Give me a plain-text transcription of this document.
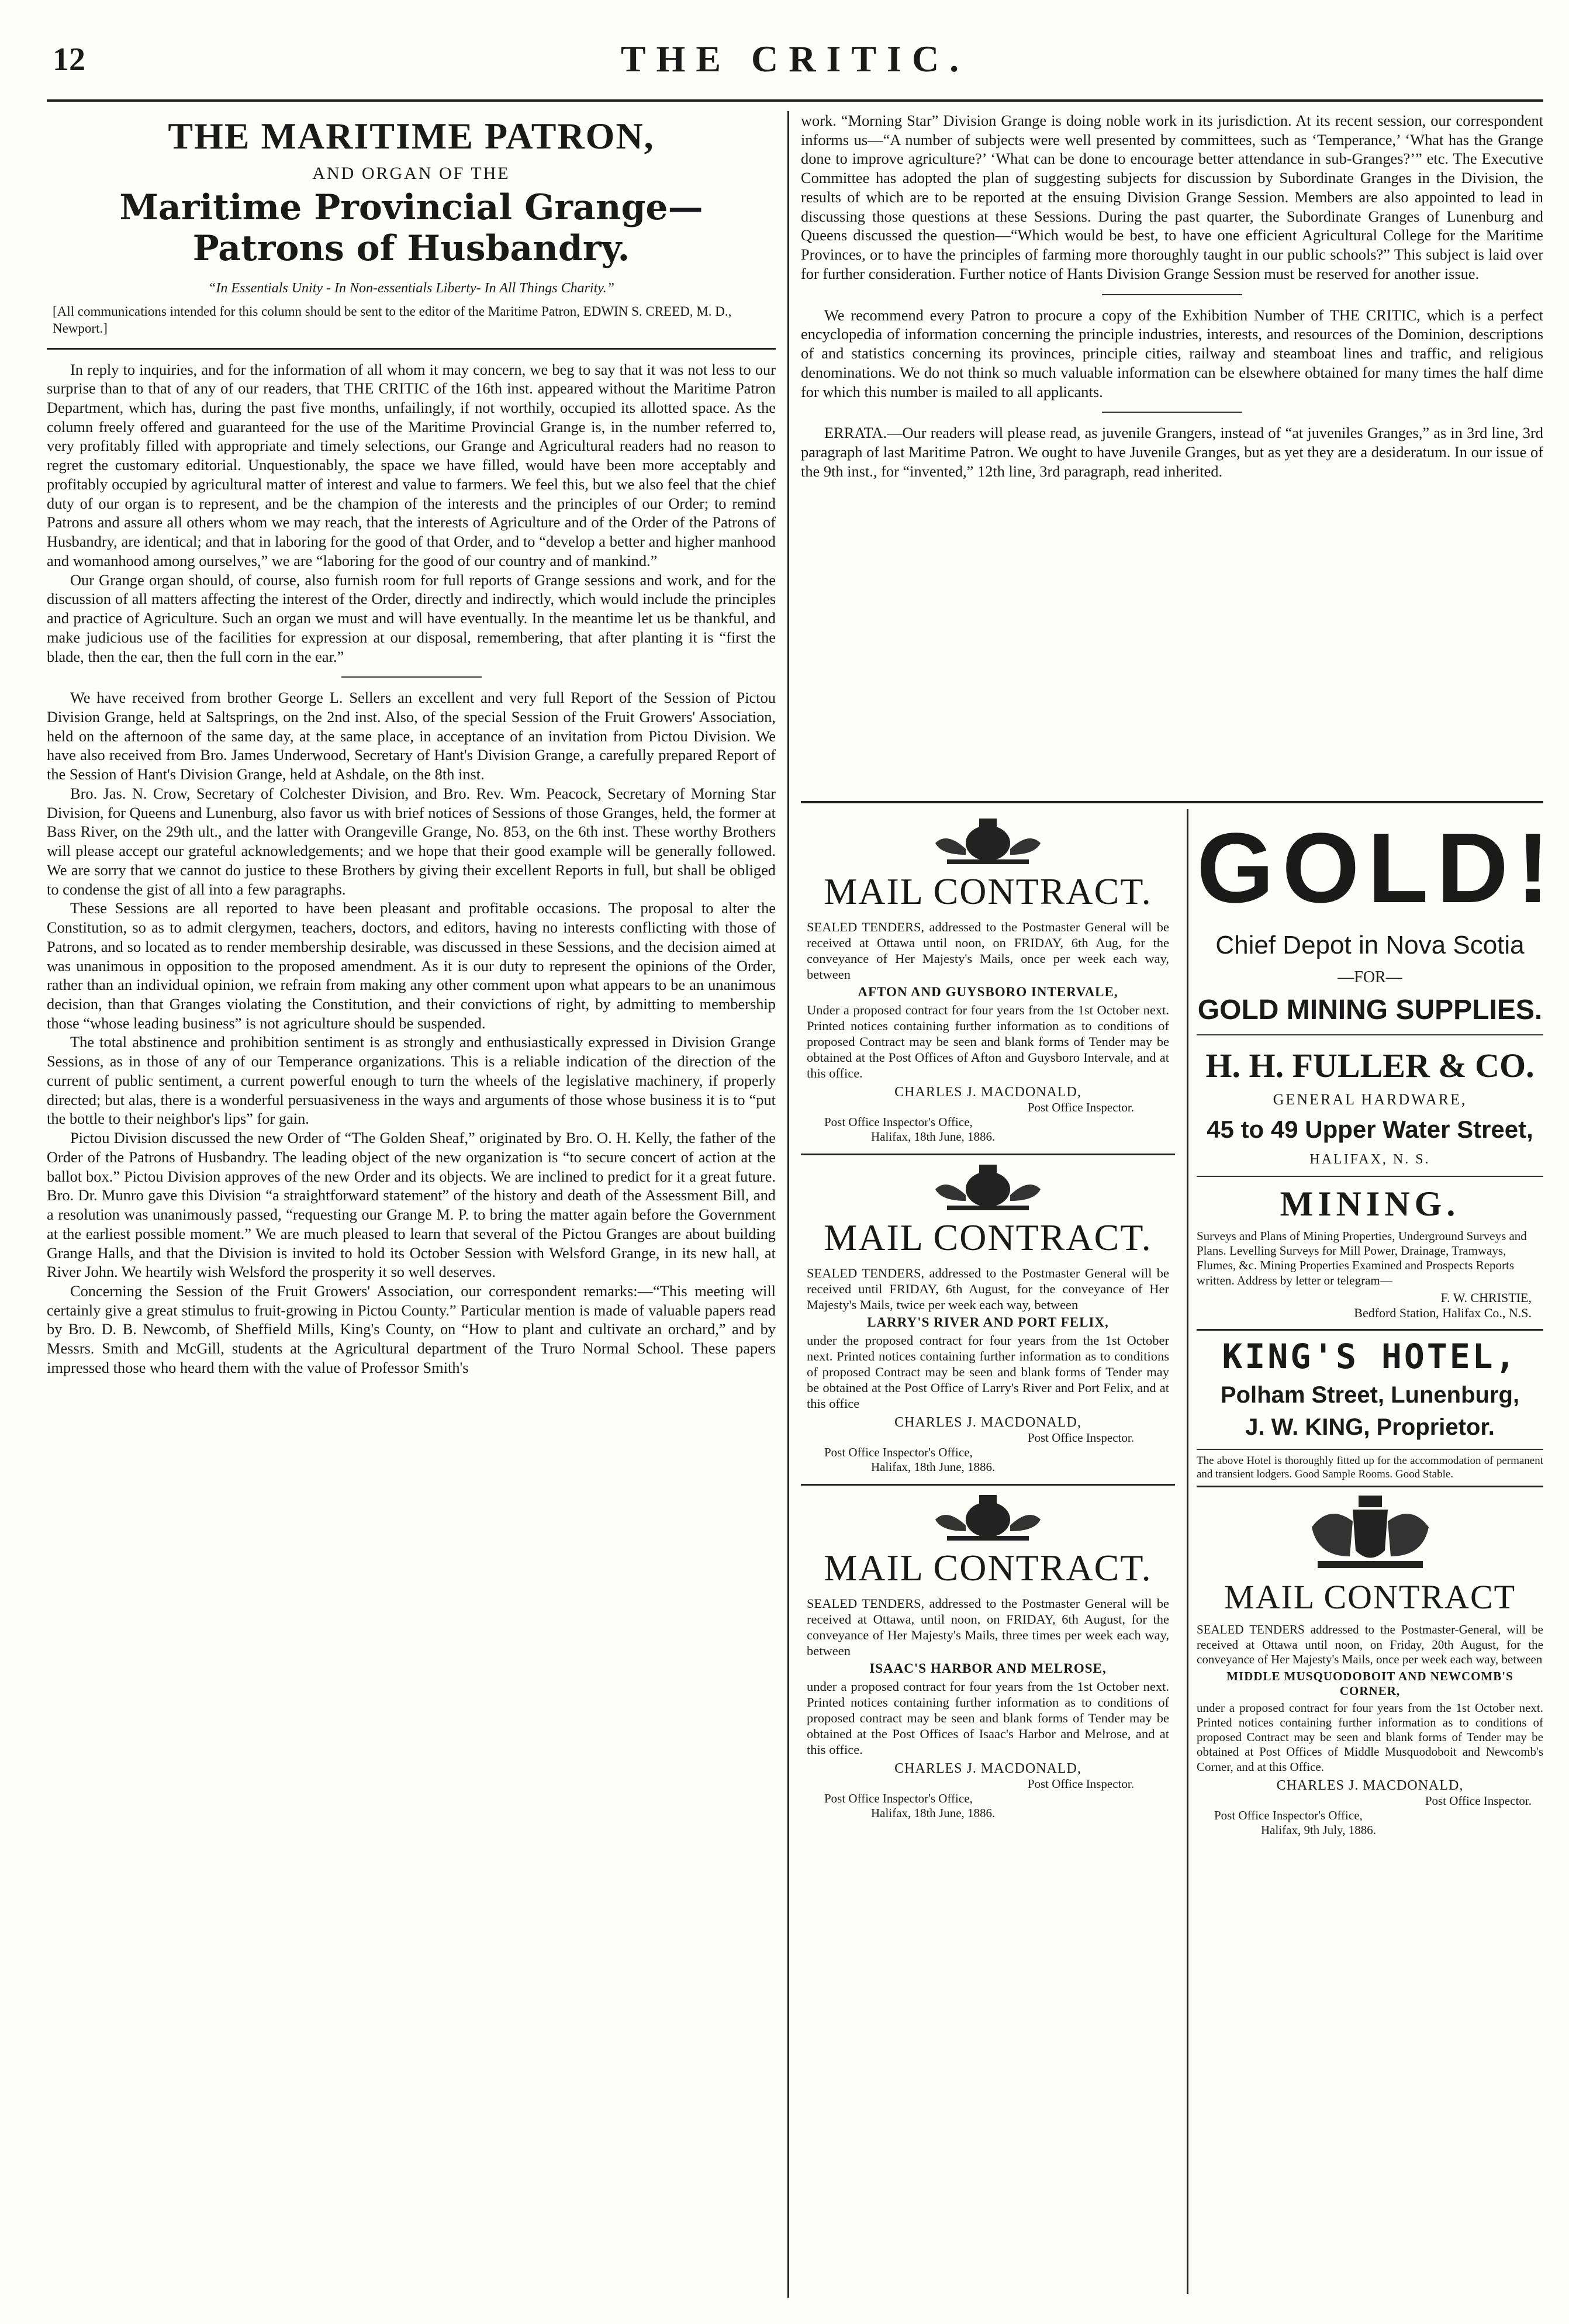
12	THE CRITIC.
THE MARITIME PATRON,
AND ORGAN OF THE
Maritime Provincial Grange—Patrons of Husbandry.
“In Essentials Unity - In Non-essentials Liberty- In All Things Charity.”
[All communications intended for this column should be sent to the editor of the Maritime Patron, EDWIN S. CREED, M. D., Newport.]

In reply to inquiries, and for the information of all whom it may concern, we beg to say that it was not less to our surprise than to that of any of our readers, that THE CRITIC of the 16th inst. appeared without the Maritime Patron Department, which has, during the past five months, unfailingly, if not worthily, occupied its allotted space. As the column freely offered and guaranteed for the use of the Maritime Provincial Grange is, in the number referred to, very profitably filled with appropriate and timely selections, our Grange and Agricultural readers had no reason to regret the customary editorial. Unquestionably, the space we have filled, would have been more acceptably and profitably occupied by agricultural matter of interest and value to farmers. We feel this, but we also feel that the chief duty of our organ is to represent, and be the champion of the interests and the principles of our Order; to remind Patrons and assure all others whom we may reach, that the interests of Agriculture and of the Order of the Patrons of Husbandry, are identical; and that in laboring for the good of that Order, and to “develop a better and higher manhood and womanhood among ourselves,” we are “laboring for the good of our country and of mankind.”

Our Grange organ should, of course, also furnish room for full reports of Grange sessions and work, and for the discussion of all matters affecting the interest of the Order, directly and indirectly, which would include the principles and practice of Agriculture. Such an organ we must and will have eventually. In the meantime let us be thankful, and make judicious use of the facilities for expression at our disposal, remembering, that after planting it is “first the blade, then the ear, then the full corn in the ear.”

We have received from brother George L. Sellers an excellent and very full Report of the Session of Pictou Division Grange, held at Saltsprings, on the 2nd inst. Also, of the special Session of the Fruit Growers' Association, held on the afternoon of the same day, at the same place, in acceptance of an invitation from Pictou Division. We have also received from Bro. James Underwood, Secretary of Hant's Division Grange, a carefully prepared Report of the Session of Hant's Division Grange, held at Ashdale, on the 8th inst.

Bro. Jas. N. Crow, Secretary of Colchester Division, and Bro. Rev. Wm. Peacock, Secretary of Morning Star Division, for Queens and Lunenburg, also favor us with brief notices of Sessions of those Granges, held, the former at Bass River, on the 29th ult., and the latter with Orangeville Grange, No. 853, on the 6th inst. These worthy Brothers will please accept our grateful acknowledgements; and we hope that their good example will be generally followed. We are sorry that we cannot do justice to these Brothers by giving their excellent Reports in full, but shall be obliged to condense the gist of all into a few paragraphs.

These Sessions are all reported to have been pleasant and profitable occasions. The proposal to alter the Constitution, so as to admit clergymen, teachers, doctors, and editors, having no interests conflicting with those of Patrons, and so located as to render membership desirable, was discussed in these Sessions, and the decision aimed at was unanimous in opposition to the proposed amendment. As it is our duty to represent the opinions of the Order, rather than an individual opinion, we refrain from making any other comment upon what appears to be an unanimous decision, than that Granges violating the Constitution, and their convictions of right, by admitting to membership those “whose leading business” is not agriculture should be suspended.

The total abstinence and prohibition sentiment is as strongly and enthusiastically expressed in Division Grange Sessions, as in those of any of our Temperance organizations. This is a reliable indication of the direction of the current of public sentiment, a current powerful enough to turn the wheels of the legislative machinery, if properly directed; but alas, there is a wonderful persuasiveness in the ways and arguments of those whose business it is to “put the bottle to their neighbor's lips” for gain.

Pictou Division discussed the new Order of “The Golden Sheaf,” originated by Bro. O. H. Kelly, the father of the Order of the Patrons of Husbandry. The leading object of the new organization is “to secure concert of action at the ballot box.” Pictou Division approves of the new Order and its objects. We are inclined to predict for it a great future. Bro. Dr. Munro gave this Division “a straightforward statement” of the history and death of the Assessment Bill, and a resolution was unanimously passed, “requesting our Grange M. P. to bring the matter again before the Government at the earliest possible moment.” We are much pleased to learn that several of the Pictou Granges are about building Grange Halls, and that the Division is invited to hold its October Session with Welsford Grange, in its new hall, at River John. We heartily wish Welsford the prosperity it so well deserves.

Concerning the Session of the Fruit Growers' Association, our correspondent remarks:—“This meeting will certainly give a great stimulus to fruit-growing in Pictou County.” Particular mention is made of valuable papers read by Bro. D. B. Newcomb, of Sheffield Mills, King's County, on “How to plant and cultivate an orchard,” and by Messrs. Smith and McGill, students at the Agricultural department of the Truro Normal School. These papers impressed those who heard them with the value of Professor Smith's

work. “Morning Star” Division Grange is doing noble work in its jurisdiction. At its recent session, our correspondent informs us—“A number of subjects were well presented by committees, such as ‘Temperance,’ ‘What has the Grange done to improve agriculture?’ ‘What can be done to encourage better attendance in sub-Granges?’” etc. The Executive Committee has adopted the plan of suggesting subjects for discussion by Subordinate Granges in the Division, the results of which are to be reported at the ensuing Division Grange Session. Members are also appointed to lead in discussing those questions at these Sessions. During the past quarter, the Subordinate Granges of Lunenburg and Queens discussed the question—“Which would be best, to have one efficient Agricultural College for the Maritime Provinces, or to have the principles of farming more thoroughly taught in our public schools?” This subject is laid over for further consideration. Further notice of Hants Division Grange Session must be reserved for another issue.

We recommend every Patron to procure a copy of the Exhibition Number of THE CRITIC, which is a perfect encyclopedia of information concerning the principle industries, interests, and resources of the Dominion, descriptions of and statistics concerning its provinces, principle cities, railway and steamboat lines and traffic, and religious denominations. We do not think so much valuable information can be elsewhere obtained for many times the half dime for which this number is mailed to all applicants.

ERRATA.—Our readers will please read, as juvenile Grangers, instead of “at juveniles Granges,” as in 3rd line, 3rd paragraph of last Maritime Patron. We ought to have Juvenile Granges, but as yet they are a desideratum. In our issue of the 9th inst., for “invented,” 12th line, 3rd paragraph, read inherited.

MAIL CONTRACT.

SEALED TENDERS, addressed to the Postmaster General will be received at Ottawa until noon, on FRIDAY, 6th Aug, for the conveyance of Her Majesty's Mails, once per week each way, between

AFTON AND GUYSBORO INTERVALE,

Under a proposed contract for four years from the 1st October next. Printed notices containing further information as to conditions of proposed Contract may be seen and blank forms of Tender may be obtained at the Post Offices of Afton and Guysboro Intervale, and at this office.

CHARLES J. MACDONALD,
Post Office Inspector.
Post Office Inspector's Office,
Halifax, 18th June, 1886.
MAIL CONTRACT.

SEALED TENDERS, addressed to the Postmaster General will be received until FRIDAY, 6th August, for the conveyance of Her Majesty's Mails, twice per week each way, between

LARRY'S RIVER AND PORT FELIX,

under the proposed contract for four years from the 1st October next. Printed notices containing further information as to conditions of proposed Contract may be seen and blank forms of Tender may be obtained at the Post Office of Larry's River and Port Felix, and at this office

CHARLES J. MACDONALD,
Post Office Inspector.
Post Office Inspector's Office,
Halifax, 18th June, 1886.
MAIL CONTRACT.

SEALED TENDERS, addressed to the Postmaster General will be received at Ottawa, until noon, on FRIDAY, 6th August, for the conveyance of Her Majesty's Mails, three times per week each way, between

ISAAC'S HARBOR AND MELROSE,

under a proposed contract for four years from the 1st October next. Printed notices containing further information as to conditions of proposed contract may be seen and blank forms of Tender may be obtained at the Post Offices of Isaac's Harbor and Melrose, and at this office.

CHARLES J. MACDONALD,
Post Office Inspector.
Post Office Inspector's Office,
Halifax, 18th June, 1886.
GOLD!
Chief Depot in Nova Scotia
—FOR—
GOLD MINING SUPPLIES.
H. H. FULLER & CO.
GENERAL HARDWARE,
45 to 49 Upper Water Street,
HALIFAX, N. S.
MINING.

Surveys and Plans of Mining Properties, Underground Surveys and Plans. Levelling Surveys for Mill Power, Drainage, Tramways, Flumes, &c. Mining Properties Examined and Prospects Reports written. Address by letter or telegram—

F. W. CHRISTIE,

Bedford Station, Halifax Co., N.S.

KING'S HOTEL,
Polham Street, Lunenburg,
J. W. KING, Proprietor.
The above Hotel is thoroughly fitted up for the accommodation of permanent and transient lodgers. Good Sample Rooms. Good Stable.
MAIL CONTRACT

SEALED TENDERS addressed to the Postmaster-General, will be received at Ottawa until noon, on Friday, 20th August, for the conveyance of Her Majesty's Mails, once per week each way, between

MIDDLE MUSQUODOBOIT AND NEWCOMB'S CORNER,

under a proposed contract for four years from the 1st October next. Printed notices containing further information as to conditions of proposed Contract may be seen and blank forms of Tender may be obtained at Post Offices of Middle Musquodoboit and Newcomb's Corner, and at this Office.

CHARLES J. MACDONALD,
Post Office Inspector.
Post Office Inspector's Office,
Halifax, 9th July, 1886.
